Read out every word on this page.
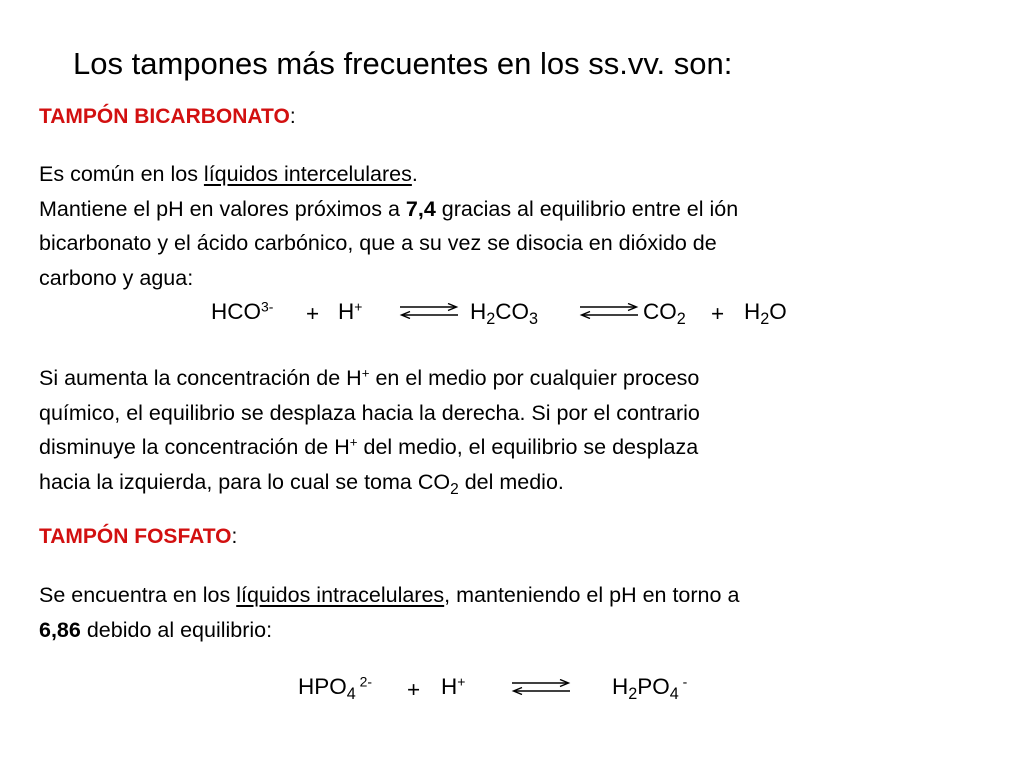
Los tampones más frecuentes en los ss.vv. son:
TAMPÓN BICARBONATO:
Es común en los líquidos intercelulares.
Mantiene el pH en valores próximos a 7,4 gracias al equilibrio entre el ión
bicarbonato y el ácido carbónico, que a su vez se disocia en dióxido de
carbono y agua:
$HCO^{3-} + H^+$ ⇌ $H_2CO_3$ ⇌ $CO_2 + H_2O$
Si aumenta la concentración de H+ en el medio por cualquier proceso
químico, el equilibrio se desplaza hacia la derecha. Si por el contrario
disminuye la concentración de H+ del medio, el equilibrio se desplaza
hacia la izquierda, para lo cual se toma $CO_2$ del medio.
TAMPÓN FOSFATO:
Se encuentra en los líquidos intracelulares, manteniendo el pH en torno a
6,86 debido al equilibrio:
$HPO_4$ $^{2-}$ + H+	$H_2PO_4$ -
